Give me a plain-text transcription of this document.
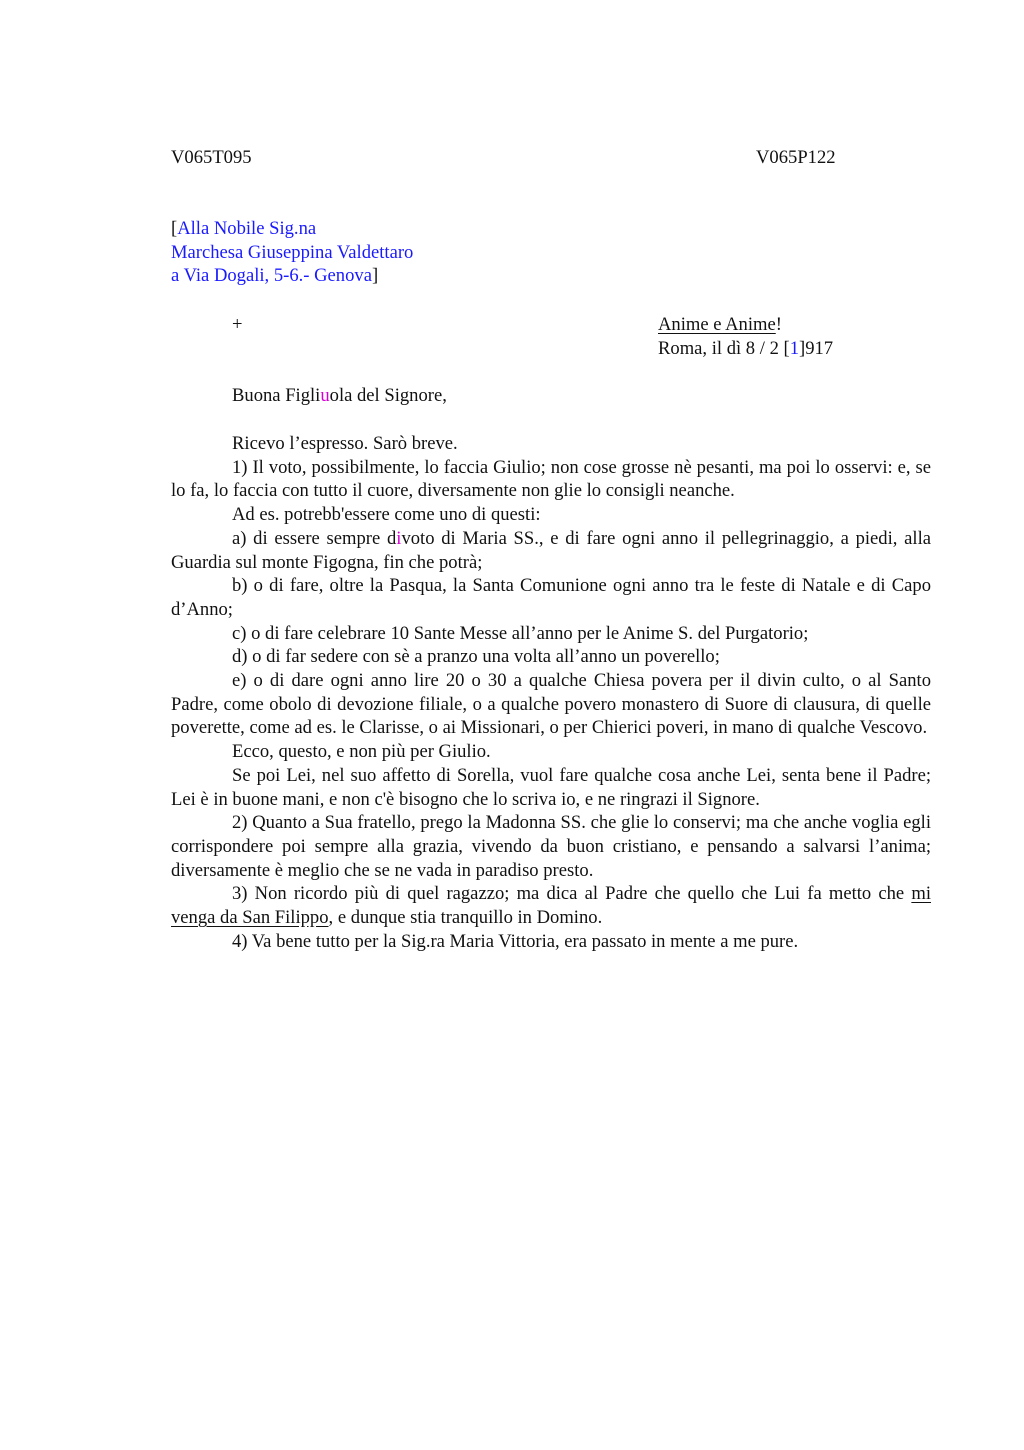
V065T095	V065P122
[Alla Nobile Sig.na
Marchesa Giuseppina Valdettaro
a Via Dogali, 5-6.- Genova]
+	Anime e Anime!
Roma, il dì 8 / 2 [1]917
Buona Figliuola del Signore,

Ricevo l’espresso. Sarò breve.

1) Il voto, possibilmente, lo faccia Giulio; non cose grosse nè pesanti, ma poi lo osservi: e, se lo fa, lo faccia con tutto il cuore, diversamente non glie lo consigli neanche.

Ad es. potrebb'essere come uno di questi:

a) di essere sempre divoto di Maria SS., e di fare ogni anno il pellegrinaggio, a piedi, alla Guardia sul monte Figogna, fin che potrà;

b) o di fare, oltre la Pasqua, la Santa Comunione ogni anno tra le feste di Natale e di Capo d’Anno;

c) o di fare celebrare 10 Sante Messe all’anno per le Anime S. del Purgatorio;

d) o di far sedere con sè a pranzo una volta all’anno un poverello;

e) o di dare ogni anno lire 20 o 30 a qualche Chiesa povera per il divin culto, o al Santo Padre, come obolo di devozione filiale, o a qualche povero monastero di Suore di clausura, di quelle poverette, come ad es. le Clarisse, o ai Missionari, o per Chierici poveri, in mano di qualche Vescovo.

Ecco, questo, e non più per Giulio.

Se poi Lei, nel suo affetto di Sorella, vuol fare qualche cosa anche Lei, senta bene il Padre; Lei è in buone mani, e non c'è bisogno che lo scriva io, e ne ringrazi il Signore.

2) Quanto a Sua fratello, prego la Madonna SS. che glie lo conservi; ma che anche voglia egli corrispondere poi sempre alla grazia, vivendo da buon cristiano, e pensando a salvarsi l’anima; diversamente è meglio che se ne vada in paradiso presto.

3) Non ricordo più di quel ragazzo; ma dica al Padre che quello che Lui fa metto che mi venga da San Filippo, e dunque stia tranquillo in Domino.

4) Va bene tutto per la Sig.ra Maria Vittoria, era passato in mente a me pure.
